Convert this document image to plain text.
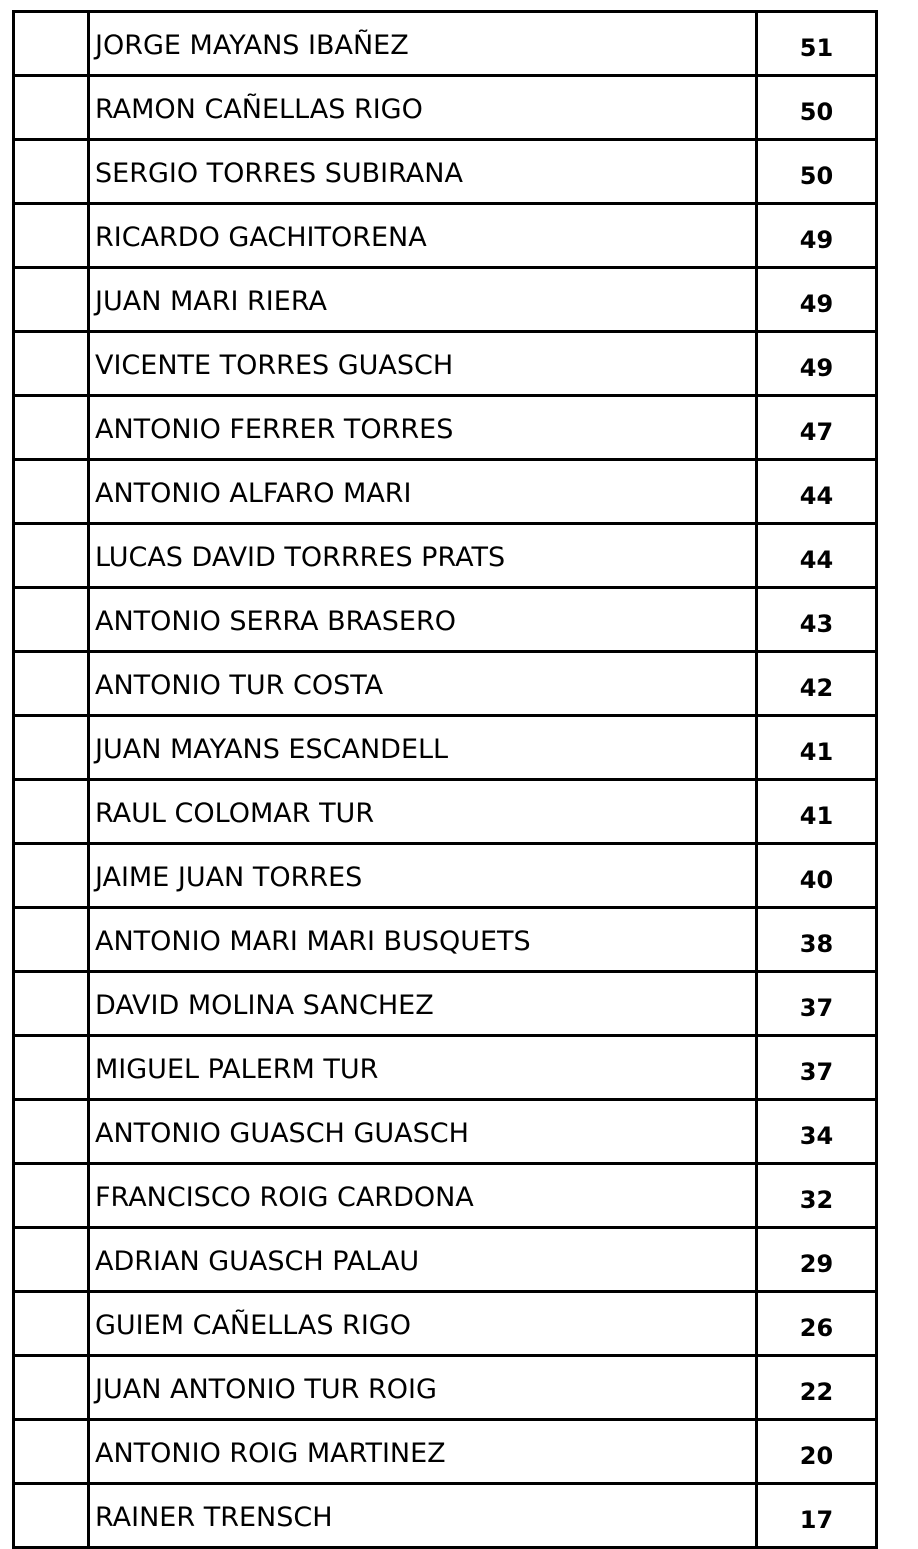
	JORGE MAYANS IBAÑEZ	51
	RAMON CAÑELLAS RIGO	50
	SERGIO TORRES SUBIRANA	50
	RICARDO GACHITORENA	49
	JUAN MARI RIERA	49
	VICENTE TORRES GUASCH	49
	ANTONIO FERRER TORRES	47
	ANTONIO ALFARO MARI	44
	LUCAS DAVID TORRRES PRATS	44
	ANTONIO SERRA BRASERO	43
	ANTONIO TUR COSTA	42
	JUAN MAYANS ESCANDELL	41
	RAUL COLOMAR TUR	41
	JAIME JUAN TORRES	40
	ANTONIO MARI MARI BUSQUETS	38
	DAVID MOLINA SANCHEZ	37
	MIGUEL PALERM TUR	37
	ANTONIO GUASCH GUASCH	34
	FRANCISCO ROIG CARDONA	32
	ADRIAN GUASCH PALAU	29
	GUIEM CAÑELLAS RIGO	26
	JUAN ANTONIO TUR ROIG	22
	ANTONIO ROIG MARTINEZ	20
	RAINER TRENSCH	17
